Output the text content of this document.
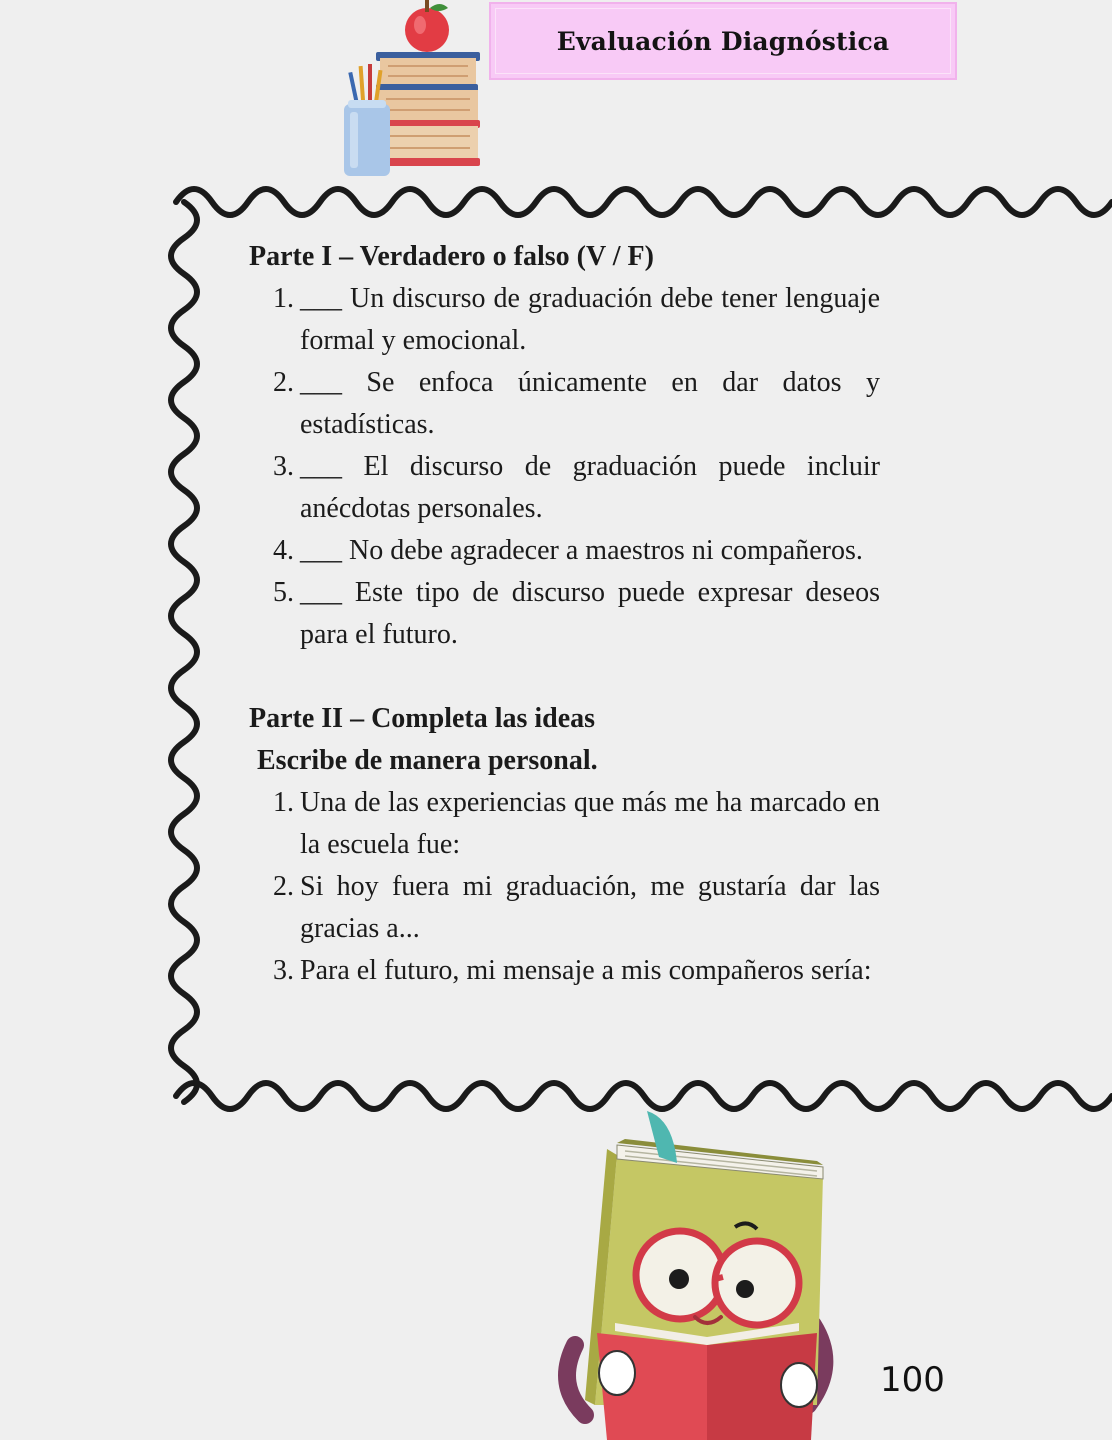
Evaluación Diagnóstica

Parte I – Verdadero o falso (V / F)

1. ___ Un discurso de graduación debe tener lenguaje formal y emocional.
2. ___ Se enfoca únicamente en dar datos y estadísticas.
3. ___ El discurso de graduación puede incluir anécdotas personales.
4. ___ No debe agradecer a maestros ni compañeros.
5. ___ Este tipo de discurso puede expresar deseos para el futuro.

Parte II – Completa las ideas

Escribe de manera personal.

1. Una de las experiencias que más me ha marcado en la escuela fue:
2. Si hoy fuera mi graduación, me gustaría dar las gracias a...
3. Para el futuro, mi mensaje a mis compañeros sería:
100
